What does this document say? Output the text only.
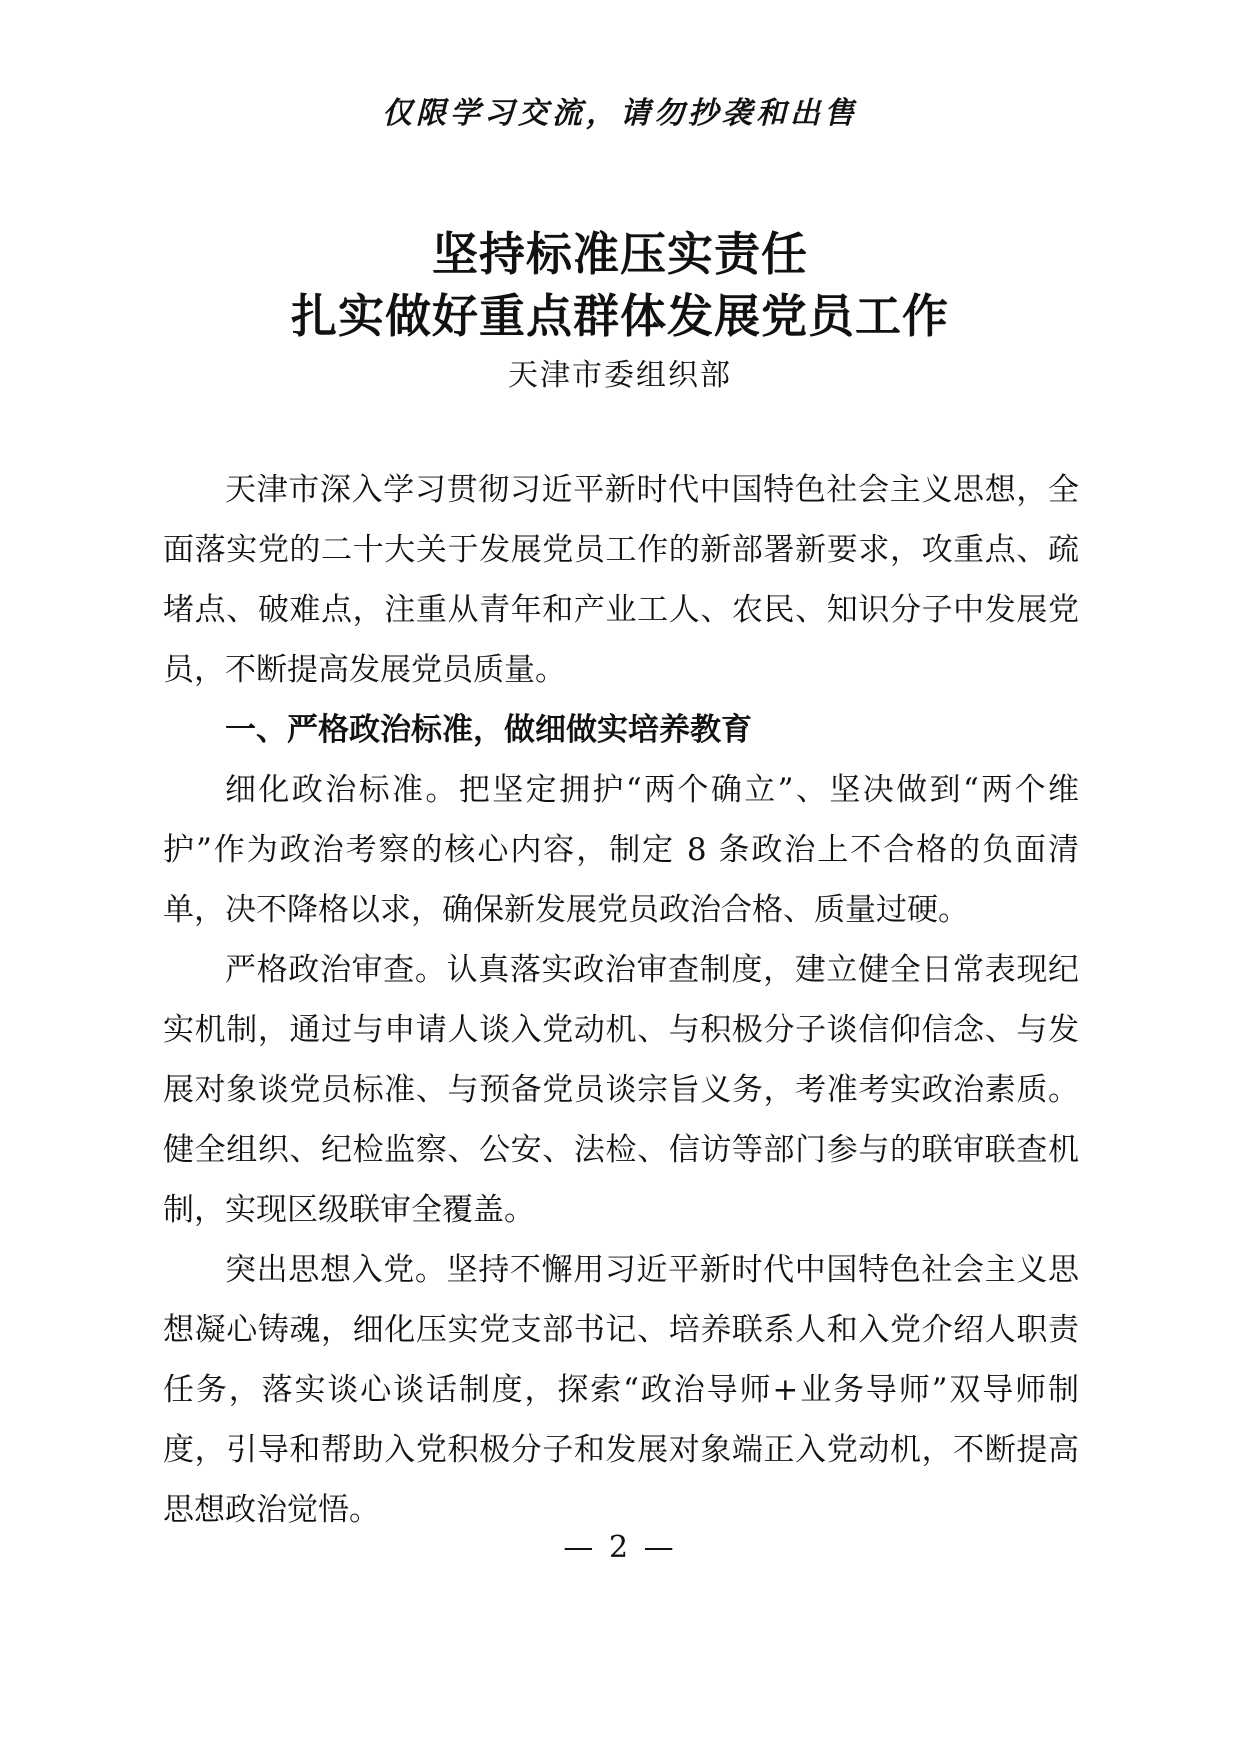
仅限学习交流，请勿抄袭和出售
坚持标准压实责任
扎实做好重点群体发展党员工作
天津市委组织部

天津市深入学习贯彻习近平新时代中国特色社会主义思想，全面落实党的二十大关于发展党员工作的新部署新要求，攻重点、疏堵点、破难点，注重从青年和产业工人、农民、知识分子中发展党员，不断提高发展党员质量。

一、严格政治标准，做细做实培养教育

细化政治标准。把坚定拥护“两个确立”、坚决做到“两个维护”作为政治考察的核心内容，制定 8 条政治上不合格的负面清单，决不降格以求，确保新发展党员政治合格、质量过硬。

严格政治审查。认真落实政治审查制度，建立健全日常表现纪实机制，通过与申请人谈入党动机、与积极分子谈信仰信念、与发展对象谈党员标准、与预备党员谈宗旨义务，考准考实政治素质。健全组织、纪检监察、公安、法检、信访等部门参与的联审联查机制，实现区级联审全覆盖。

突出思想入党。坚持不懈用习近平新时代中国特色社会主义思想凝心铸魂，细化压实党支部书记、培养联系人和入党介绍人职责任务，落实谈心谈话制度，探索“政治导师+业务导师”双导师制度，引导和帮助入党积极分子和发展对象端正入党动机，不断提高思想政治觉悟。

— 2 —
